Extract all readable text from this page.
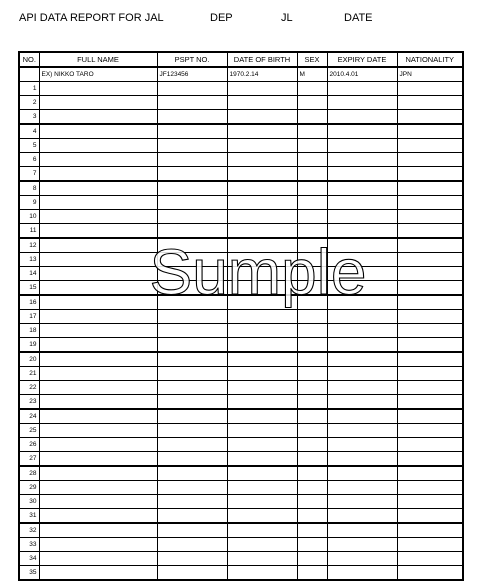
API DATA REPORT FOR JAL	DEP	JL	DATE
NO.	FULL NAME	PSPT NO.	DATE OF BIRTH	SEX	EXPIRY DATE	NATIONALITY
	EX) NIKKO TARO	JF123456	1970.2.14	M	2010.4.01	JPN
1						
2						
3						
4						
5						
6						
7						
8						
9						
10						
11						
12						
13						
14						
15						
16						
17						
18						
19						
20						
21						
22						
23						
24						
25						
26						
27						
28						
29						
30						
31						
32						
33						
34						
35						
Sumple
